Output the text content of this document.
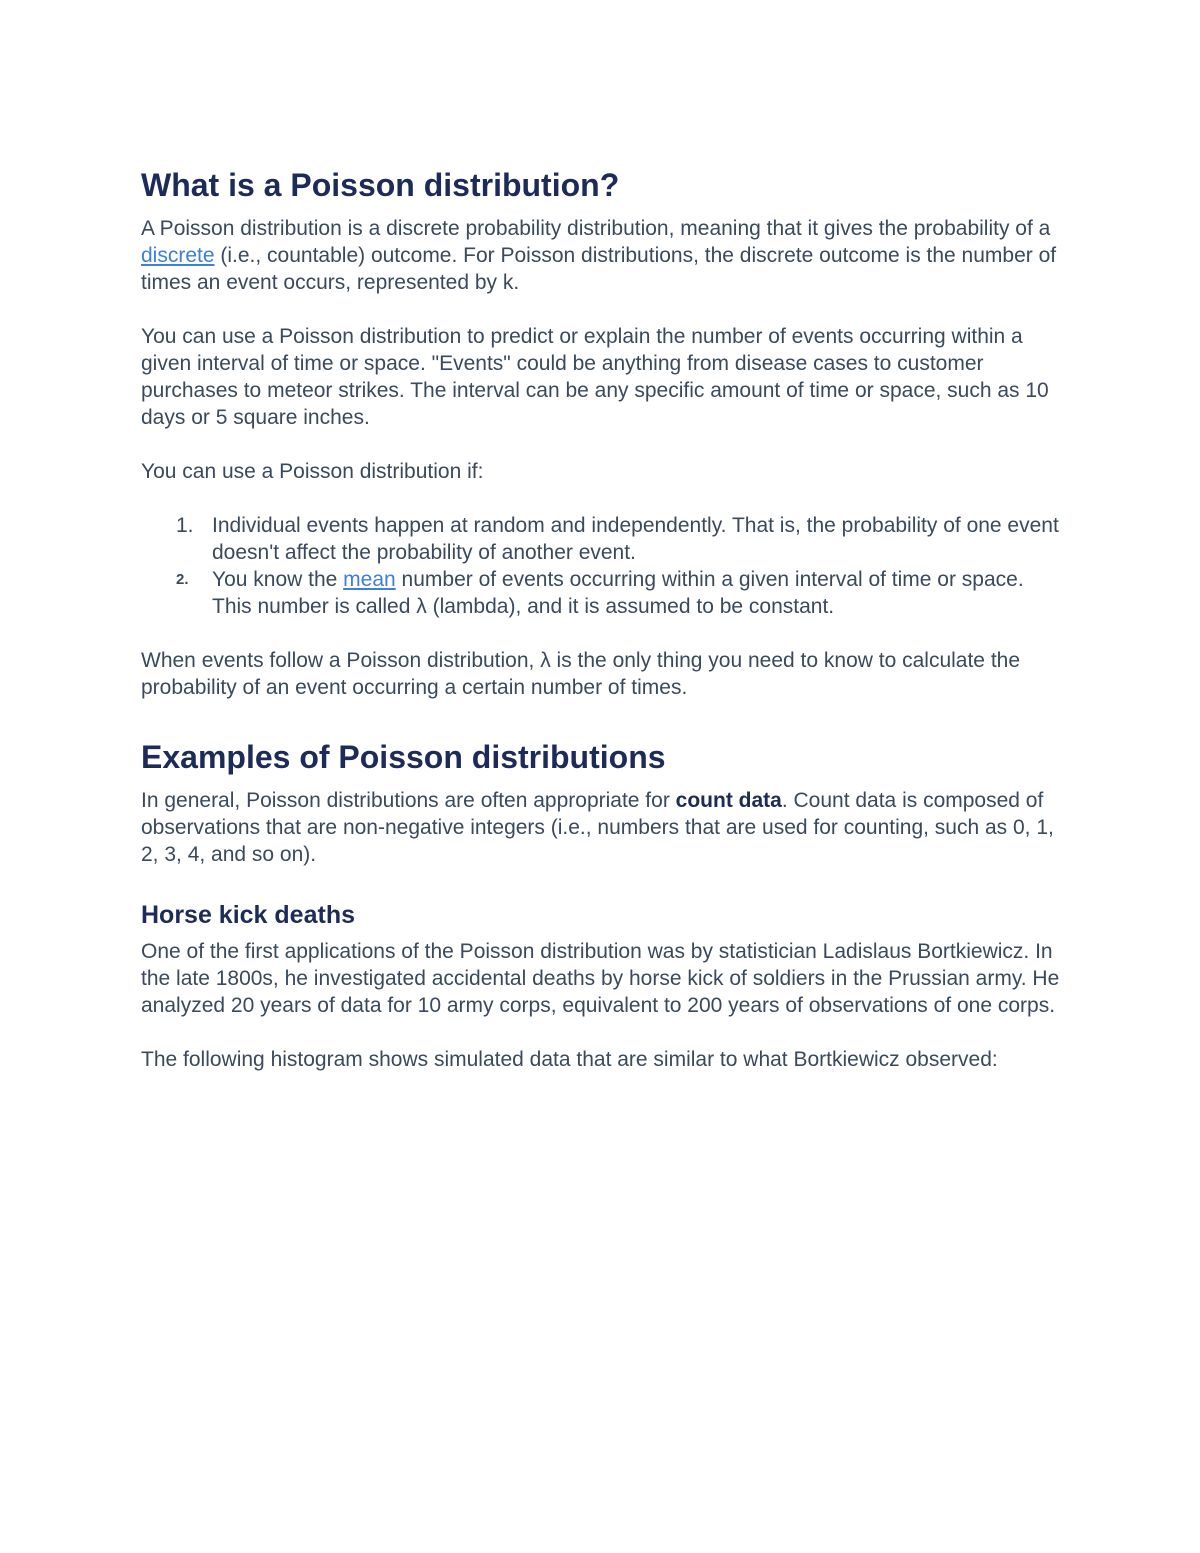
What is a Poisson distribution?

A Poisson distribution is a discrete probability distribution, meaning that it gives the probability of a discrete (i.e., countable) outcome. For Poisson distributions, the discrete outcome is the number of times an event occurs, represented by k.

You can use a Poisson distribution to predict or explain the number of events occurring within a given interval of time or space. "Events" could be anything from disease cases to customer purchases to meteor strikes. The interval can be any specific amount of time or space, such as 10 days or 5 square inches.

You can use a Poisson distribution if:

1. Individual events happen at random and independently. That is, the probability of one event doesn't affect the probability of another event.
2. You know the mean number of events occurring within a given interval of time or space. This number is called λ (lambda), and it is assumed to be constant.

When events follow a Poisson distribution, λ is the only thing you need to know to calculate the probability of an event occurring a certain number of times.

Examples of Poisson distributions

In general, Poisson distributions are often appropriate for count data. Count data is composed of observations that are non-negative integers (i.e., numbers that are used for counting, such as 0, 1, 2, 3, 4, and so on).

Horse kick deaths

One of the first applications of the Poisson distribution was by statistician Ladislaus Bortkiewicz. In the late 1800s, he investigated accidental deaths by horse kick of soldiers in the Prussian army. He analyzed 20 years of data for 10 army corps, equivalent to 200 years of observations of one corps.

The following histogram shows simulated data that are similar to what Bortkiewicz observed:
